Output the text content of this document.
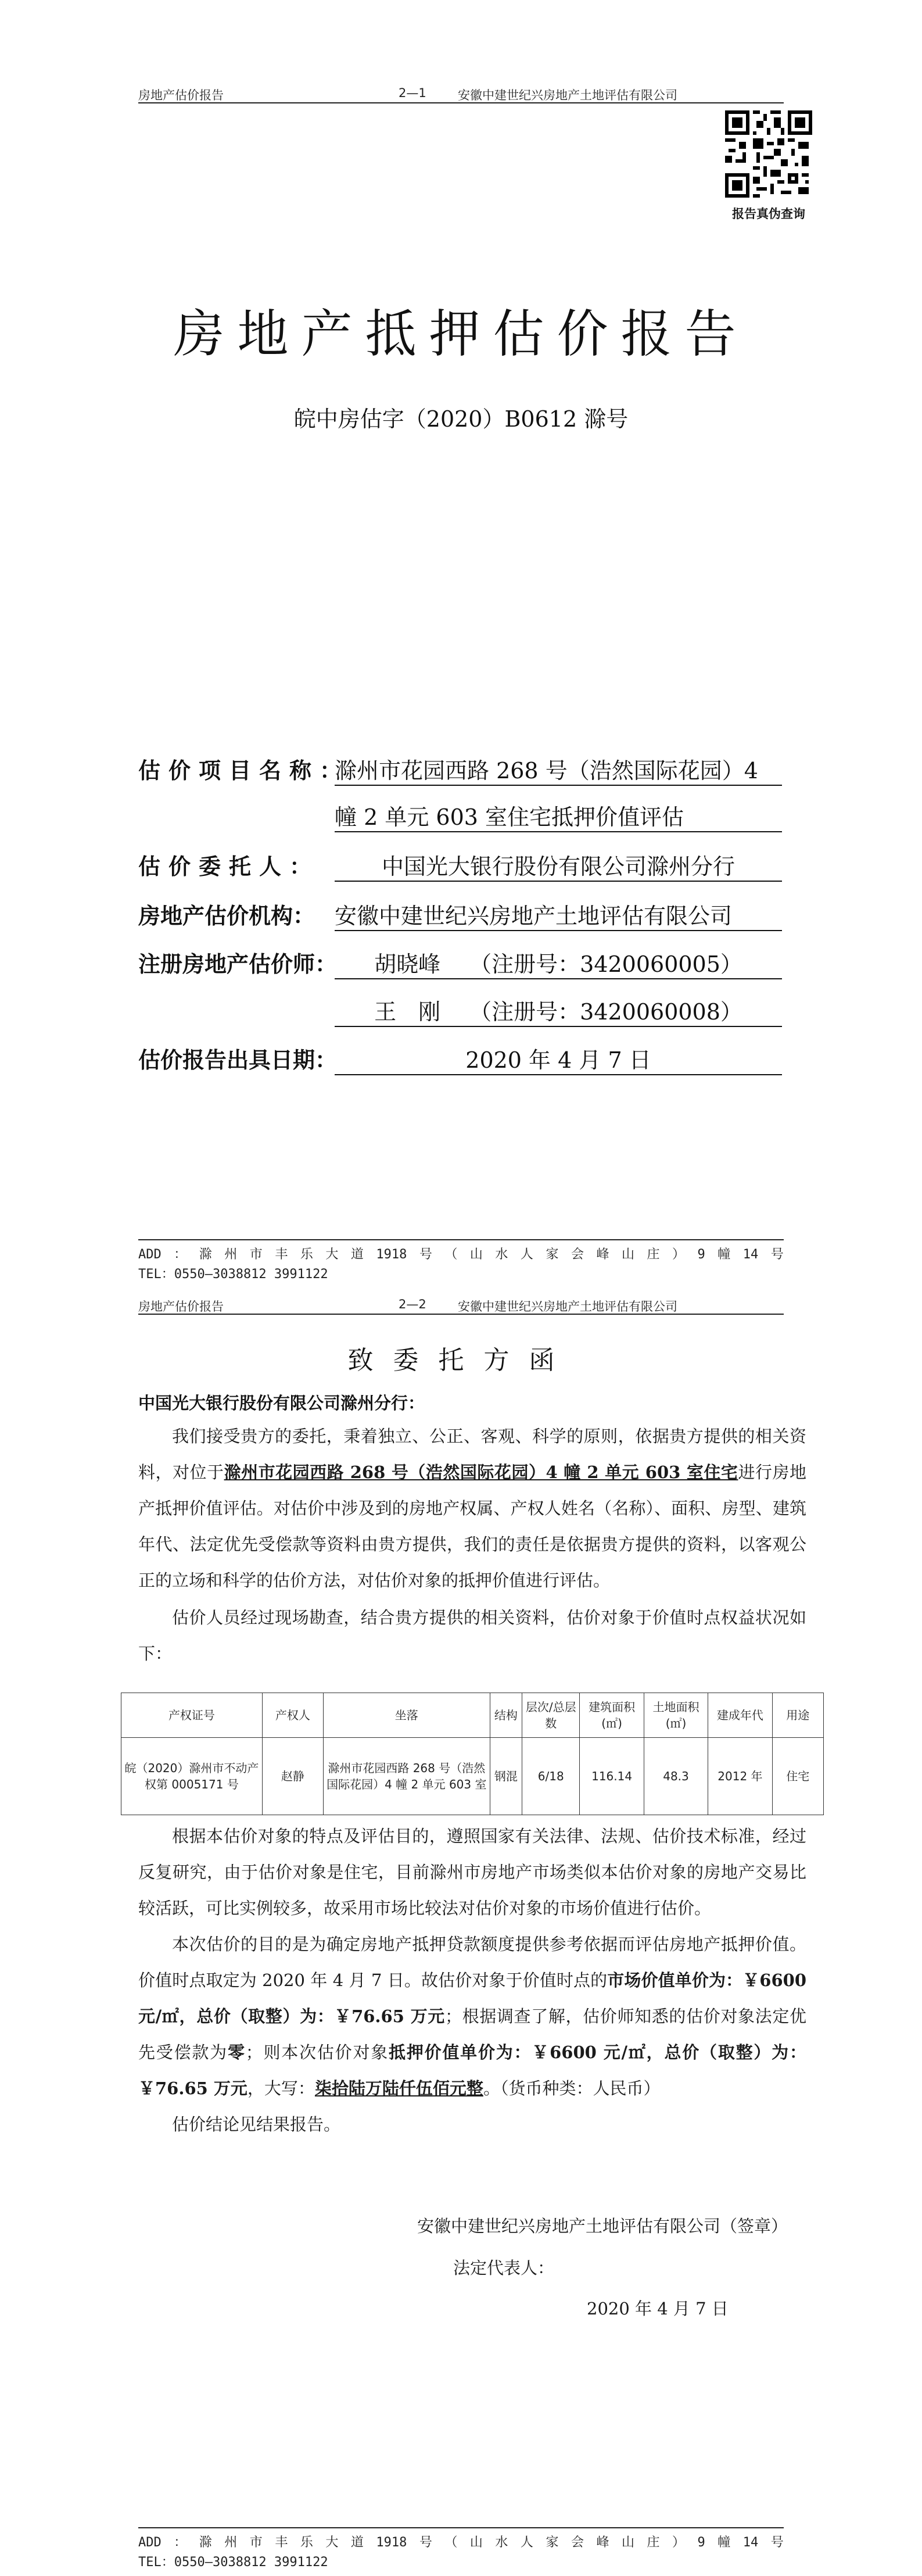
房地产估价报告	2—1	安徽中建世纪兴房地产土地评估有限公司
报告真伪查询
房地产抵押估价报告
皖中房估字（2020）B0612 滁号
估价项目名称：
滁州市花园西路 268 号（浩然国际花园）4
幢 2 单元 603 室住宅抵押价值评估
估价委托人：	中国光大银行股份有限公司滁州分行
房地产估价机构： 安徽中建世纪兴房地产土地评估有限公司
注册房地产估价师：	胡晓峰　 （注册号：3420060005）
王　刚　 （注册号：3420060008）
估价报告出具日期：	2020 年 4 月 7 日
ADD ： 滁 州 市 丰 乐 大 道 1918 号 （ 山 水 人 家 会 峰 山 庄 ） 9 幢 14 号
TEL：0550—3038812 3991122
房地产估价报告	2—2	安徽中建世纪兴房地产土地评估有限公司
致委托方函
中国光大银行股份有限公司滁州分行：

我们接受贵方的委托，秉着独立、公正、客观、科学的原则，依据贵方提供的相关资料，对位于滁州市花园西路 268 号（浩然国际花园）4 幢 2 单元 603 室住宅进行房地产抵押价值评估。对估价中涉及到的房地产权属、产权人姓名（名称）、面积、房型、建筑年代、法定优先受偿款等资料由贵方提供，我们的责任是依据贵方提供的资料，以客观公正的立场和科学的估价方法，对估价对象的抵押价值进行评估。

估价人员经过现场勘查，结合贵方提供的相关资料，估价对象于价值时点权益状况如下：

产权证号	产权人	坐落	结构	层次/总层数	建筑面积(㎡)	土地面积(㎡)	建成年代	用途
皖（2020）滁州市不动产权第 0005171 号	赵静	滁州市花园西路 268 号（浩然国际花园）4 幢 2 单元 603 室	钢混	6/18	116.14	48.3	2012 年	住宅

根据本估价对象的特点及评估目的，遵照国家有关法律、法规、估价技术标准，经过反复研究，由于估价对象是住宅，目前滁州市房地产市场类似本估价对象的房地产交易比较活跃，可比实例较多，故采用市场比较法对估价对象的市场价值进行估价。

本次估价的目的是为确定房地产抵押贷款额度提供参考依据而评估房地产抵押价值。价值时点取定为 2020 年 4 月 7 日。故估价对象于价值时点的市场价值单价为：￥6600 元/㎡，总价（取整）为：￥76.65 万元；根据调查了解，估价师知悉的估价对象法定优先受偿款为零；则本次估价对象抵押价值单价为：￥6600 元/㎡，总价（取整）为：￥76.65 万元，大写：柒拾陆万陆仟伍佰元整。（货币种类：人民币）

估价结论见结果报告。

安徽中建世纪兴房地产土地评估有限公司（签章）
法定代表人：
2020 年 4 月 7 日
ADD ： 滁 州 市 丰 乐 大 道 1918 号 （ 山 水 人 家 会 峰 山 庄 ） 9 幢 14 号
TEL：0550—3038812 3991122
